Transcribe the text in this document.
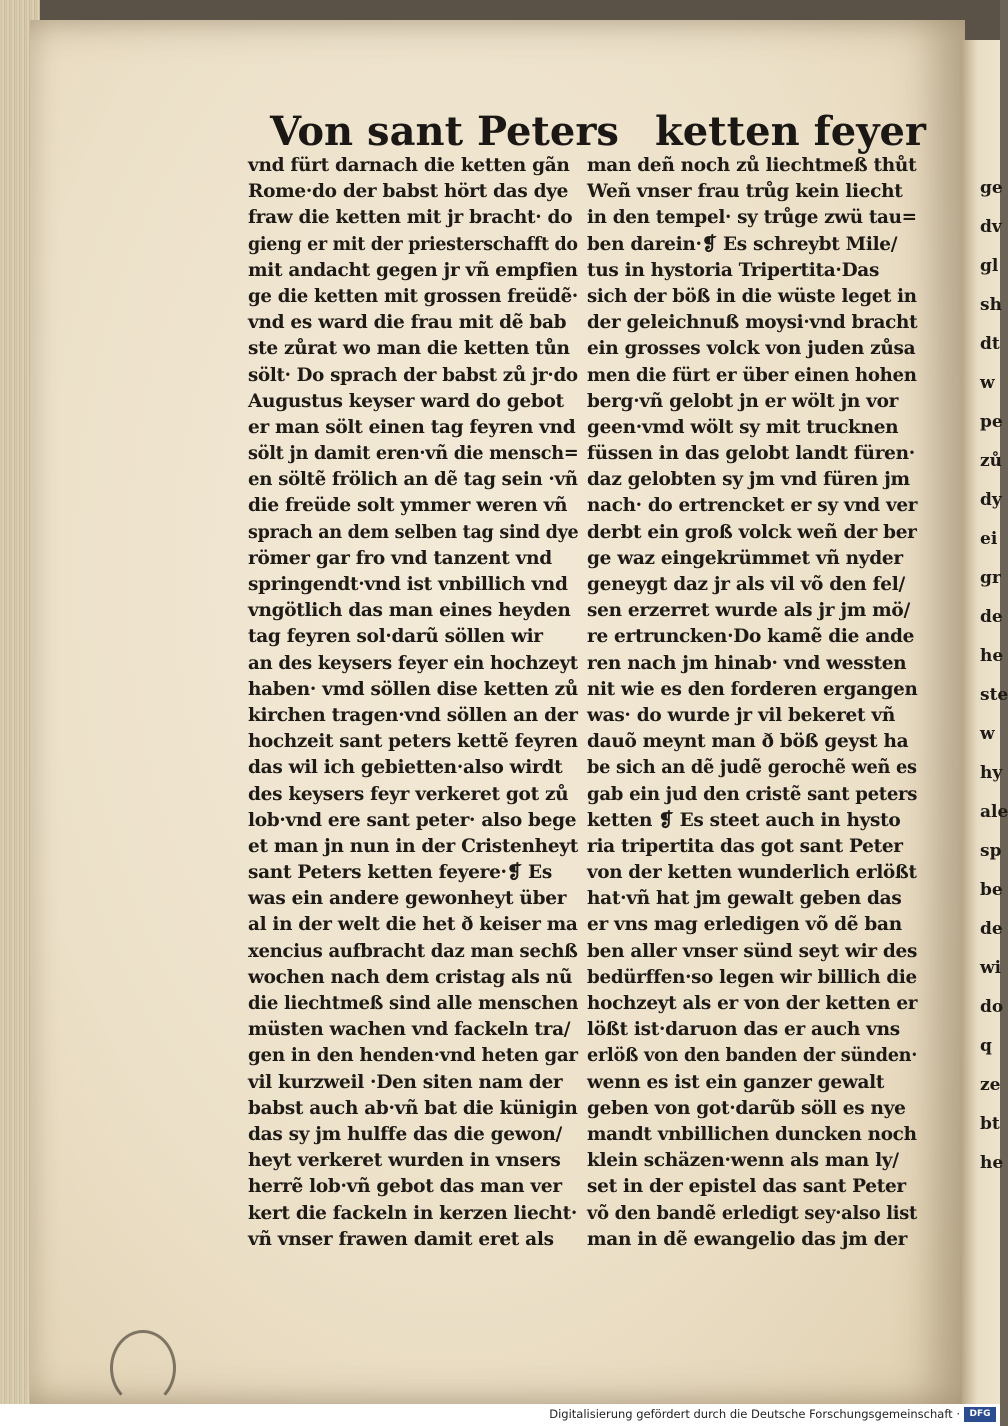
ge
dv
gl
sh
dt
w
pe
zů
dy
ei
gr
de
he
ste
w
hy
ale
sp
be
de
wi
do
q
ze
bt
he
Von sant Peters ketten feyer
vnd fürt darnach die ketten gãn
Rome·do der babst hört das dye
fraw die ketten mit jr bracht· do
gieng er mit der priesterschafft do
mit andacht gegen jr vñ empfien
ge die ketten mit grossen freüdẽ·
vnd es ward die frau mit dẽ bab
ste zůrat wo man die ketten tůn
sölt· Do sprach der babst zů jr·do
Augustus keyser ward do gebot
er man sölt einen tag feyren vnd
sölt jn damit eren·vñ die mensch=
en söltẽ frölich an dẽ tag sein ·vñ
die freüde solt ymmer weren vñ
sprach an dem selben tag sind dye
römer gar fro vnd tanzent vnd
springendt·vnd ist vnbillich vnd
vngötlich das man eines heyden
tag feyren sol·darũ söllen wir
an des keysers feyer ein hochzeyt
haben· vmd söllen dise ketten zů
kirchen tragen·vnd söllen an der
hochzeit sant peters kettẽ feyren
das wil ich gebietten·also wirdt
des keysers feyr verkeret got zů
lob·vnd ere sant peter· also bege
et man jn nun in der Cristenheyt
sant Peters ketten feyere·❡ Es
was ein andere gewonheyt über
al in der welt die het ð keiser ma
xencius aufbracht daz man sechß
wochen nach dem cristag als nũ
die liechtmeß sind alle menschen
müsten wachen vnd fackeln tra/
gen in den henden·vnd heten gar
vil kurzweil ·Den siten nam der
babst auch ab·vñ bat die künigin
das sy jm hulffe das die gewon/
heyt verkeret wurden in vnsers
herrẽ lob·vñ gebot das man ver
kert die fackeln in kerzen liecht·
vñ vnser frawen damit eret als
man deñ noch zů liechtmeß thůt
Weñ vnser frau trůg kein liecht
in den tempel· sy trůge zwü tau=
ben darein·❡ Es schreybt Mile/
tus in hystoria Tripertita·Das
sich der böß in die wüste leget in
der geleichnuß moysi·vnd bracht
ein grosses volck von juden zůsa
men die fürt er über einen hohen
berg·vñ gelobt jn er wölt jn vor
geen·vmd wölt sy mit trucknen
füssen in das gelobt landt füren·
daz gelobten sy jm vnd füren jm
nach· do ertrencket er sy vnd ver
derbt ein groß volck weñ der ber
ge waz eingekrümmet vñ nyder
geneygt daz jr als vil võ den fel/
sen erzerret wurde als jr jm mö/
re ertruncken·Do kamẽ die ande
ren nach jm hinab· vnd wessten
nit wie es den forderen ergangen
was· do wurde jr vil bekeret vñ
dauõ meynt man ð böß geyst ha
be sich an dẽ judẽ gerochẽ weñ es
gab ein jud den cristẽ sant peters
ketten ❡ Es steet auch in hysto
ria tripertita das got sant Peter
von der ketten wunderlich erlößt
hat·vñ hat jm gewalt geben das
er vns mag erledigen võ dẽ ban
ben aller vnser sünd seyt wir des
bedürffen·so legen wir billich die
hochzeyt als er von der ketten er
lößt ist·daruon das er auch vns
erlöß von den banden der sünden·
wenn es ist ein ganzer gewalt
geben von got·darũb söll es nye
mandt vnbillichen duncken noch
klein schäzen·wenn als man ly/
set in der epistel das sant Peter
võ den bandẽ erledigt sey·also list
man in dẽ ewangelio das jm der
Digitalisierung gefördert durch die Deutsche Forschungsgemeinschaft ·	DFG
